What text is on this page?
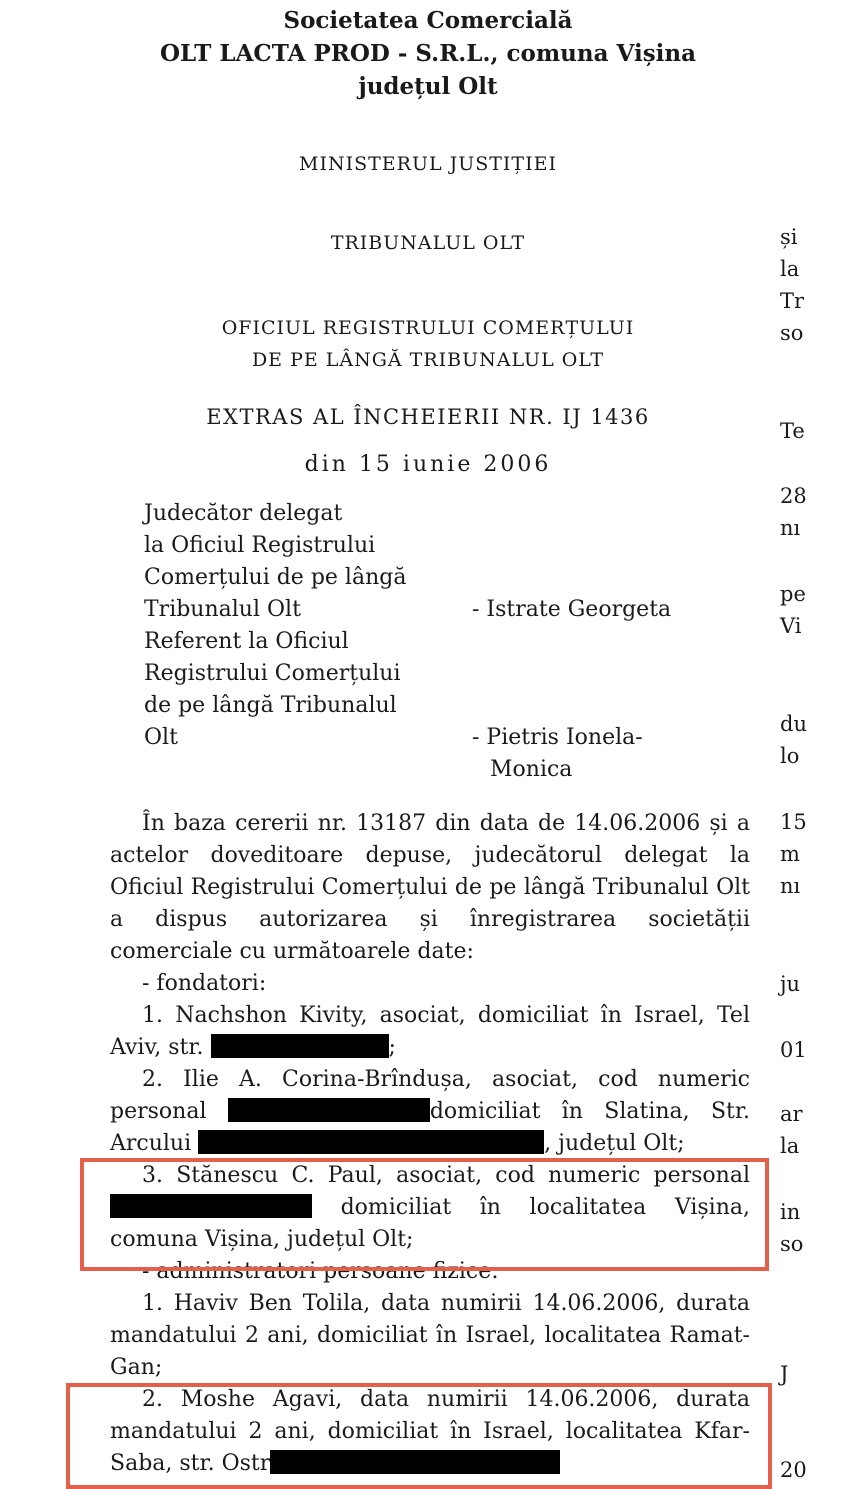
Societatea Comercială
OLT LACTA PROD - S.R.L., comuna Vișina
județul Olt
MINISTERUL JUSTIȚIEI
TRIBUNALUL OLT
OFICIUL REGISTRULUI COMERȚULUI
DE PE LÂNGĂ TRIBUNALUL OLT
EXTRAS AL ÎNCHEIERII NR. IJ 1436
din 15 iunie 2006
Judecător delegat
la Oficiul Registrului
Comerțului de pe lângă
Tribunalul Olt	- Istrate Georgeta
Referent la Oficiul
Registrului Comerțului
de pe lângă Tribunalul
Olt	- Pietris Ionela-
Monica

În baza cererii nr. 13187 din data de 14.06.2006 și a actelor doveditoare depuse, judecătorul delegat la Oficiul Registrului Comerțului de pe lângă Tribunalul Olt a dispus autorizarea și înregistrarea societății comerciale cu următoarele date:

- fondatori:

1. Nachshon Kivity, asociat, domiciliat în Israel, Tel Aviv, str.	;

2. Ilie A. Corina-Brîndușa, asociat, cod numeric personal	domiciliat în Slatina, Str. Arcului	, județul Olt;

3. Stănescu C. Paul, asociat, cod numeric personal  domiciliat în localitatea Vișina, comuna Vișina, județul Olt;

- administratori persoane fizice:

1. Haviv Ben Tolila, data numirii 14.06.2006, durata mandatului 2 ani, domiciliat în Israel, localitatea Ramat-Gan;

2. Moshe Agavi, data numirii 14.06.2006, durata mandatului 2 ani, domiciliat în Israel, localitatea Kfar-Saba, str. Ostr

și
la
Tr
so
Te
28
nı
pe
Vi
du
lo
15
m
nı
ju
01
ar
la
in
so
J
20
